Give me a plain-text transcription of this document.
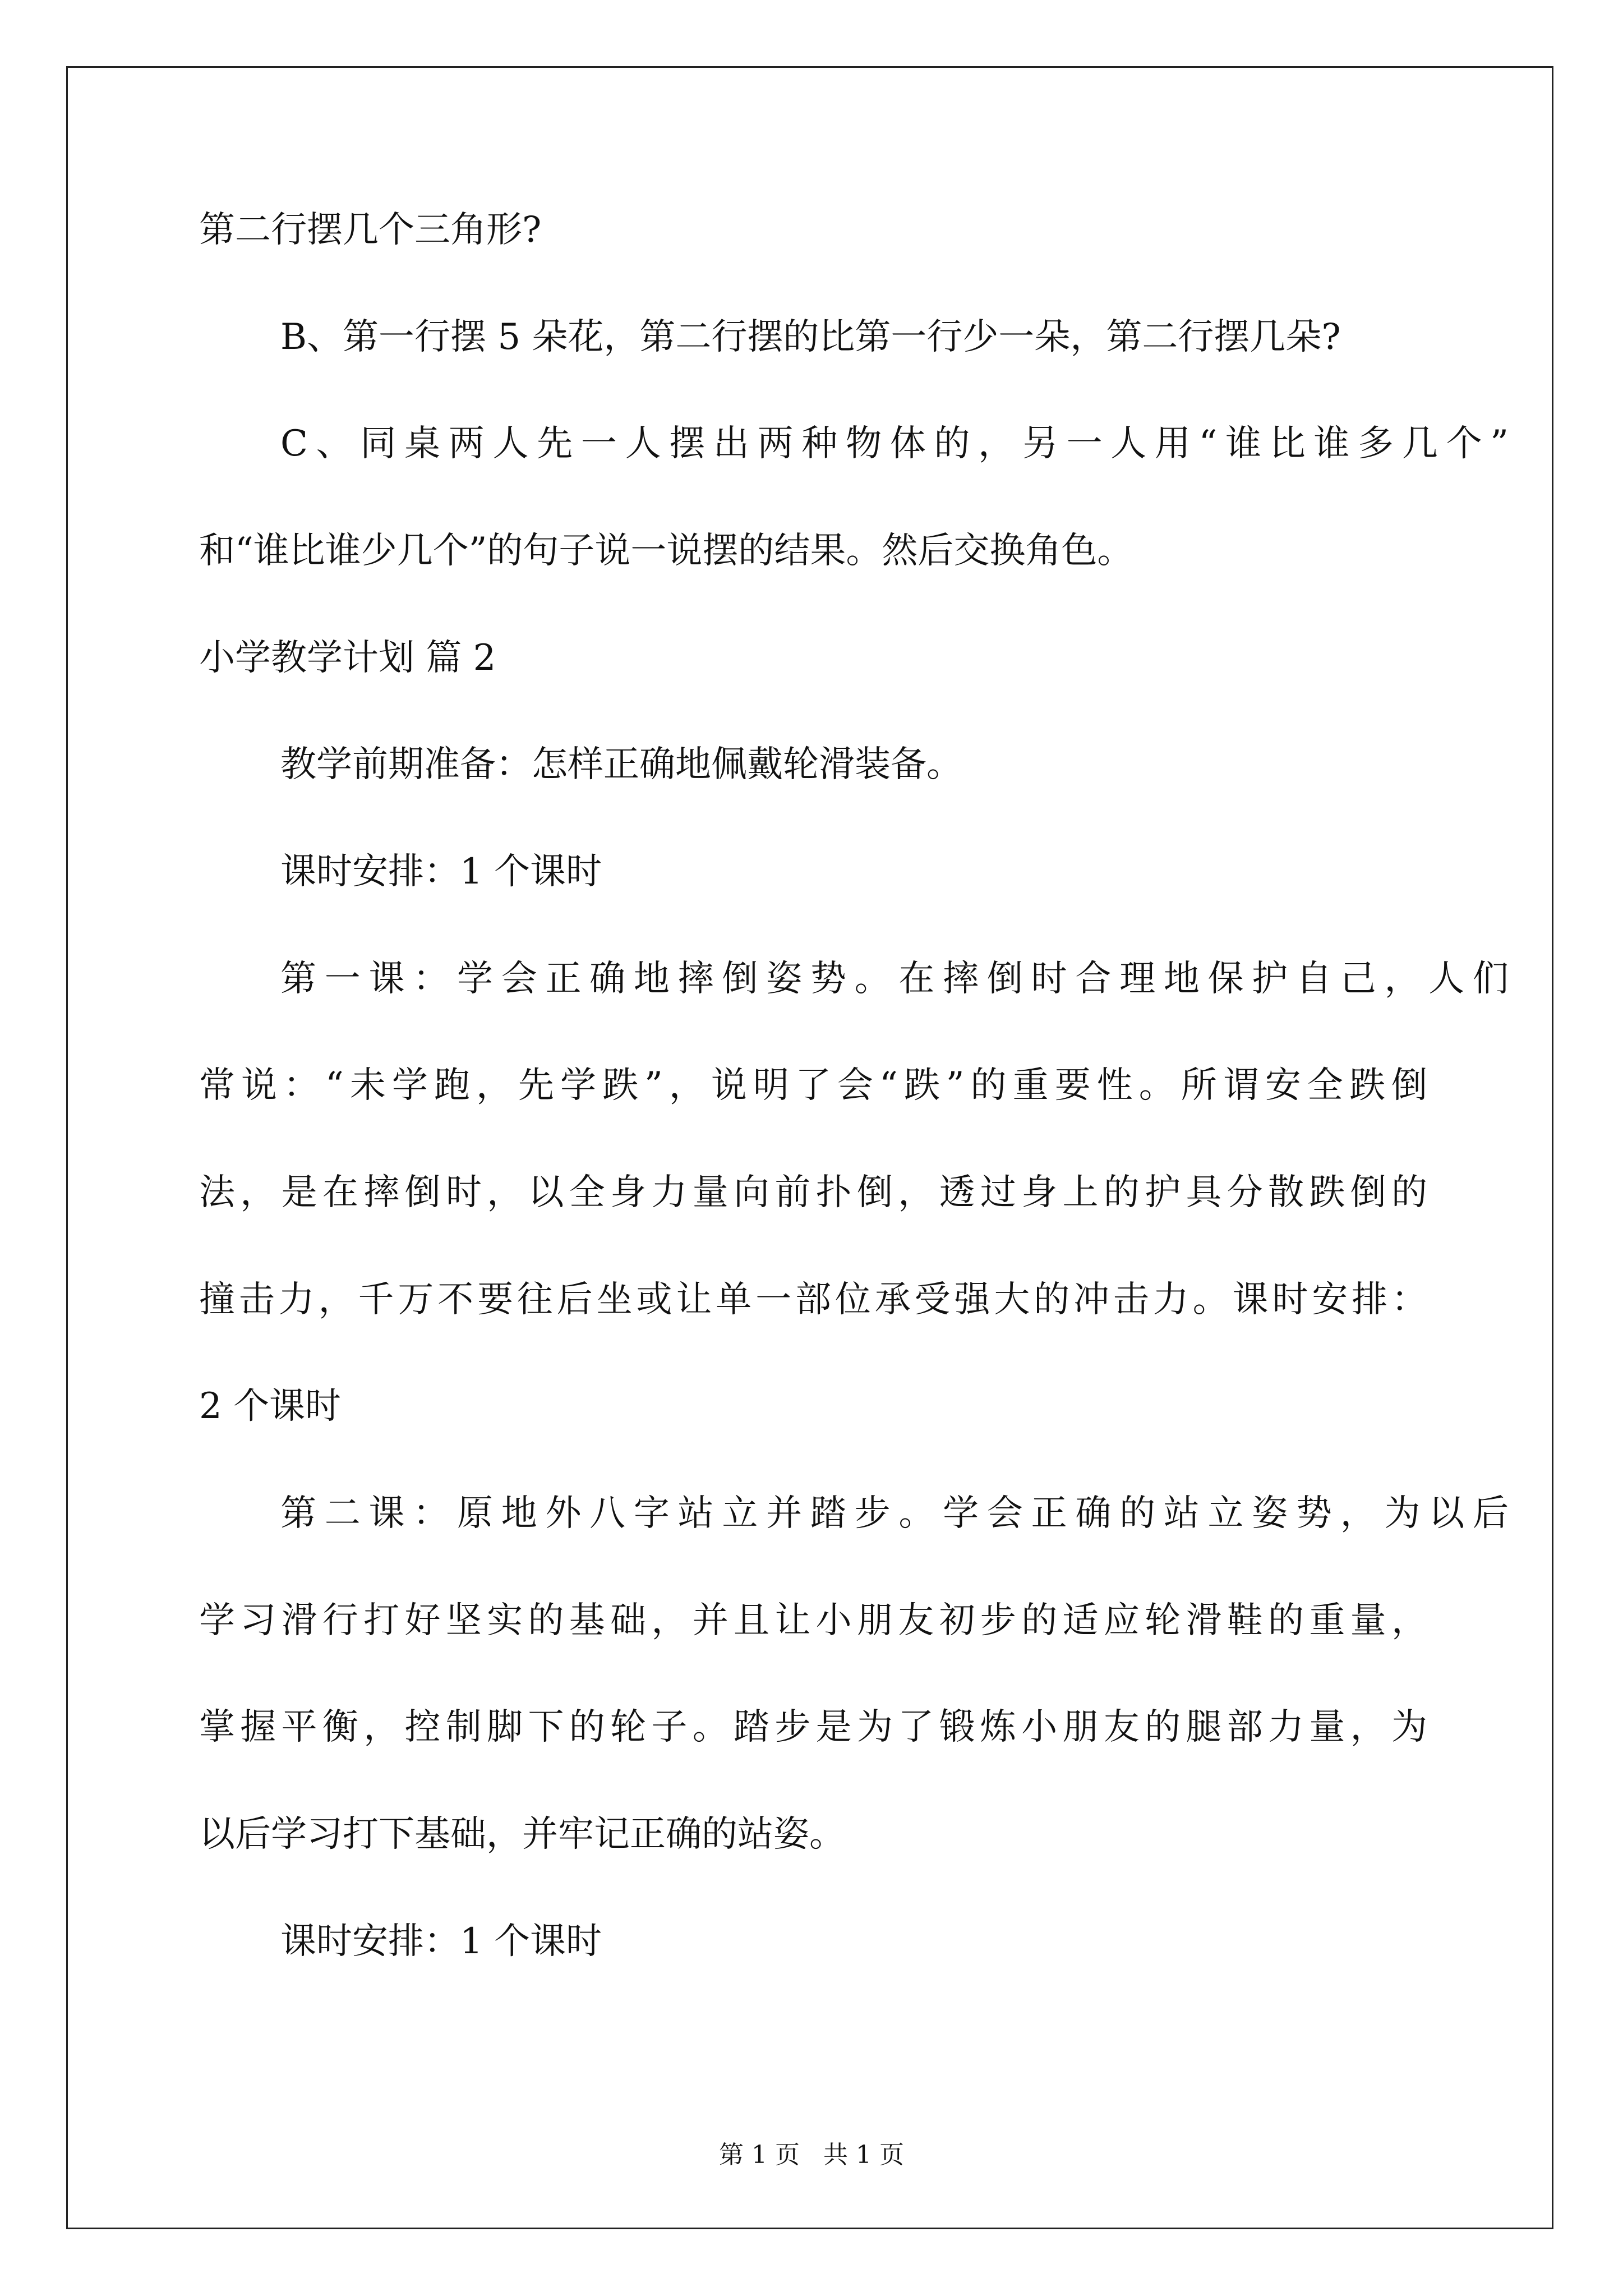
第二行摆几个三角形?
B、第一行摆 5 朵花，第二行摆的比第一行少一朵，第二行摆几朵?
C、同桌两人先一人摆出两种物体的，另一人用“谁比谁多几个”
和“谁比谁少几个”的句子说一说摆的结果。然后交换角色。
小学教学计划 篇 2
教学前期准备：怎样正确地佩戴轮滑装备。
课时安排：1 个课时
第一课：学会正确地摔倒姿势。在摔倒时合理地保护自己，人们
常说：“未学跑，先学跌”，说明了会“跌”的重要性。所谓安全跌倒
法，是在摔倒时，以全身力量向前扑倒，透过身上的护具分散跌倒的
撞击力，千万不要往后坐或让单一部位承受强大的冲击力。课时安排：
2 个课时
第二课：原地外八字站立并踏步。学会正确的站立姿势，为以后
学习滑行打好坚实的基础，并且让小朋友初步的适应轮滑鞋的重量，
掌握平衡，控制脚下的轮子。踏步是为了锻炼小朋友的腿部力量，为
以后学习打下基础，并牢记正确的站姿。
课时安排：1 个课时
第 1 页 共 1 页
